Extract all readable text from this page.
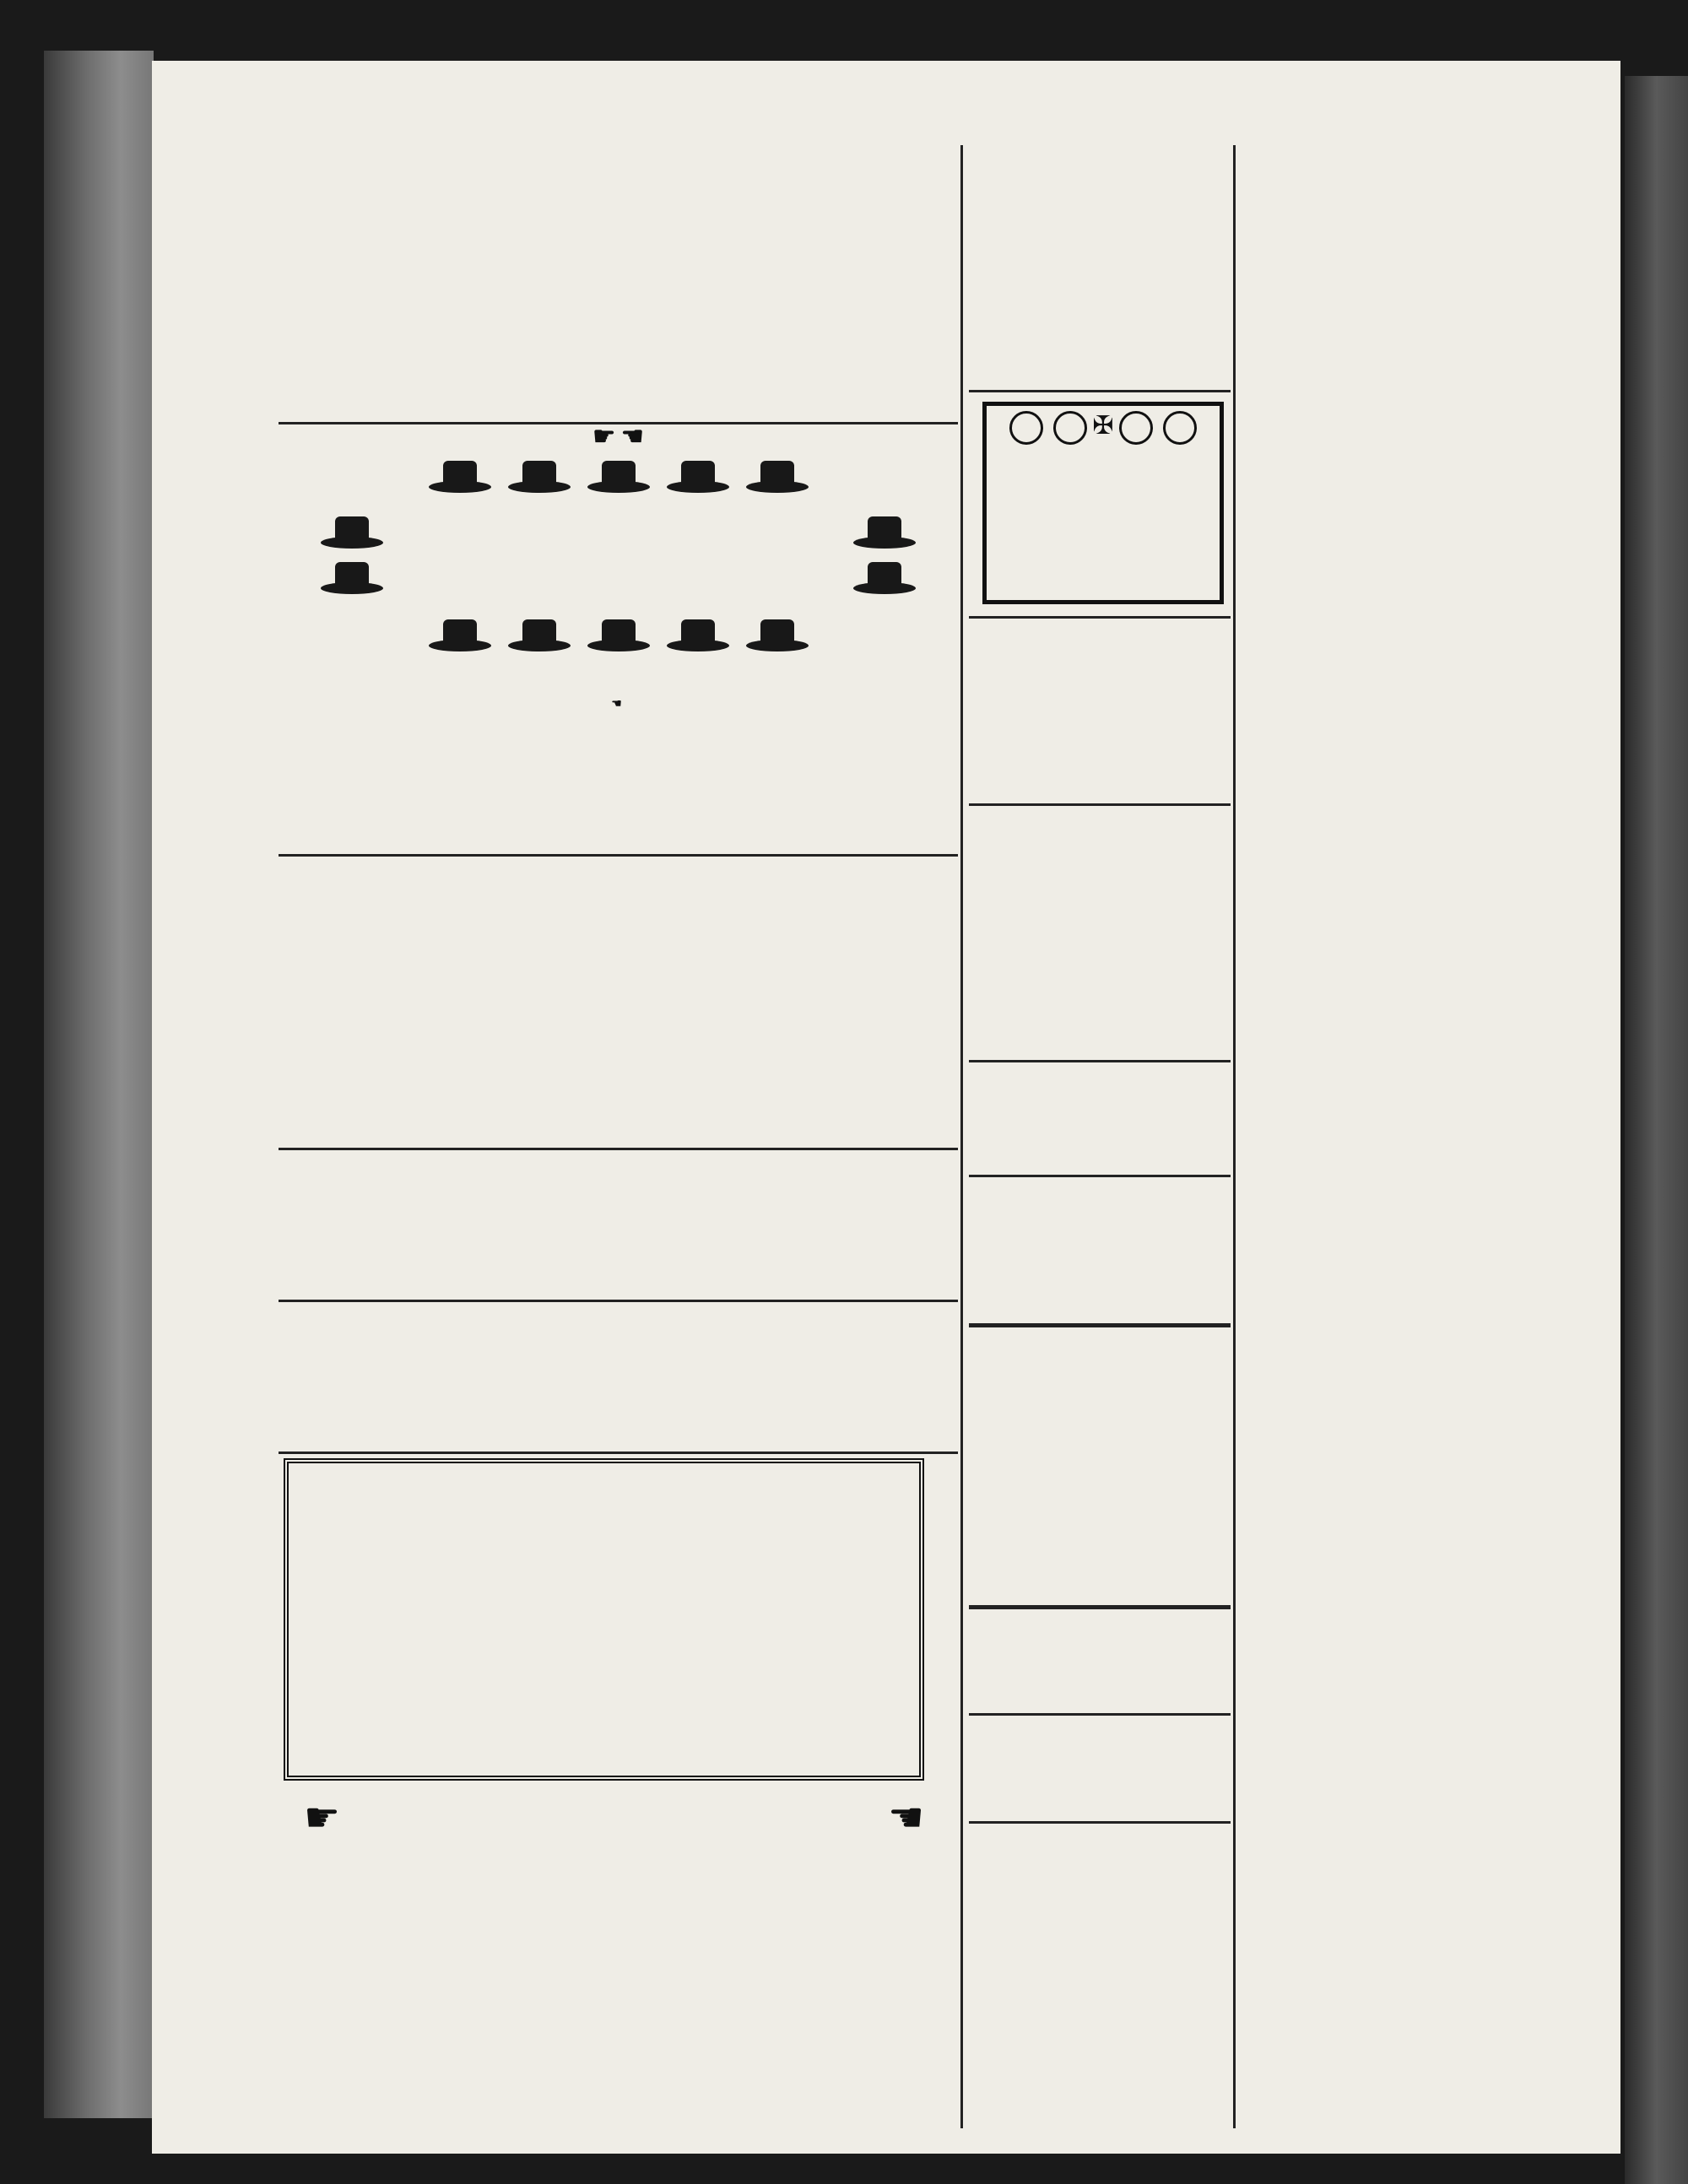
☛ ☚

☚

☛	☚

✠
